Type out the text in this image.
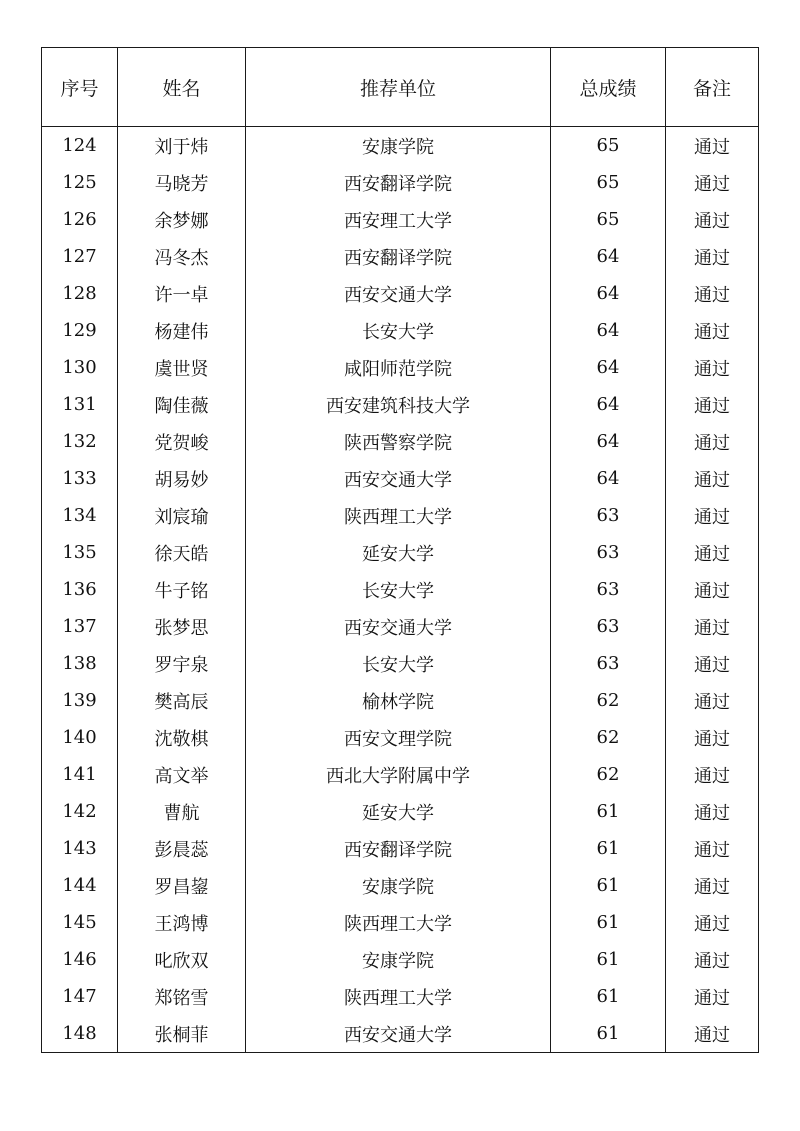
序号	姓名	推荐单位	总成绩	备注
124	刘于炜	安康学院	65	通过
125	马晓芳	西安翻译学院	65	通过
126	余梦娜	西安理工大学	65	通过
127	冯冬杰	西安翻译学院	64	通过
128	许一卓	西安交通大学	64	通过
129	杨建伟	长安大学	64	通过
130	虞世贤	咸阳师范学院	64	通过
131	陶佳薇	西安建筑科技大学	64	通过
132	党贺峻	陕西警察学院	64	通过
133	胡易妙	西安交通大学	64	通过
134	刘宸瑜	陕西理工大学	63	通过
135	徐天皓	延安大学	63	通过
136	牛子铭	长安大学	63	通过
137	张梦思	西安交通大学	63	通过
138	罗宇泉	长安大学	63	通过
139	樊高辰	榆林学院	62	通过
140	沈敬棋	西安文理学院	62	通过
141	高文举	西北大学附属中学	62	通过
142	曹航	延安大学	61	通过
143	彭晨蕊	西安翻译学院	61	通过
144	罗昌鋆	安康学院	61	通过
145	王鸿博	陕西理工大学	61	通过
146	叱欣双	安康学院	61	通过
147	郑铭雪	陕西理工大学	61	通过
148	张桐菲	西安交通大学	61	通过
